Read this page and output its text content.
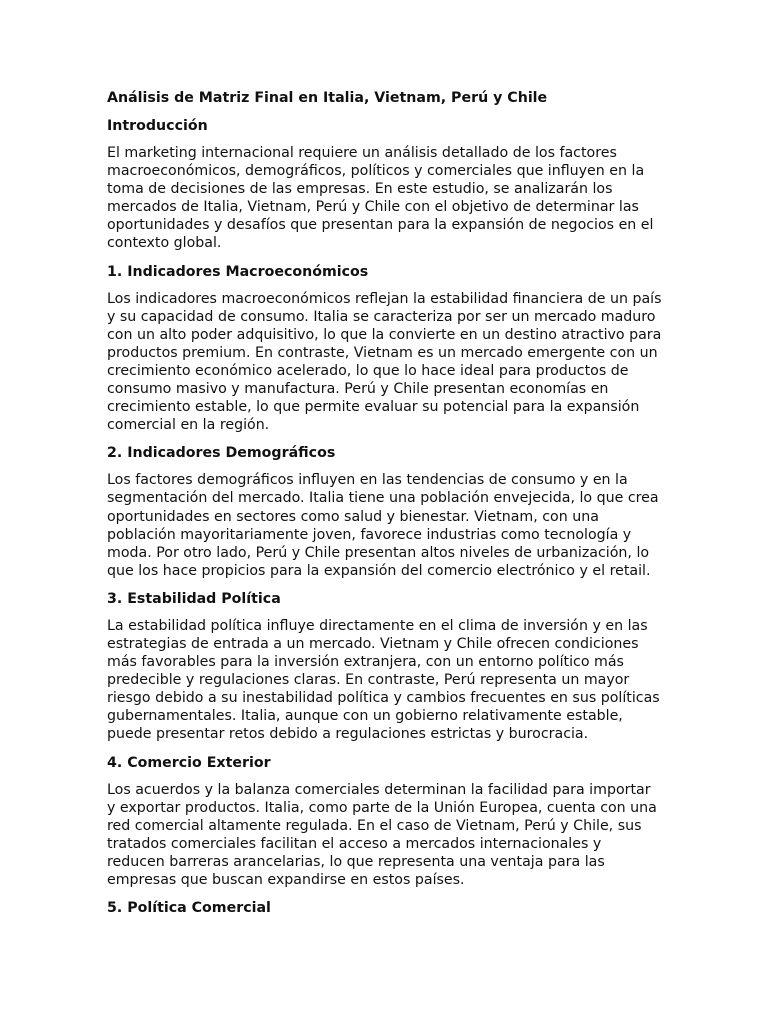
Análisis de Matriz Final en Italia, Vietnam, Perú y Chile
Introducción

El marketing internacional requiere un análisis detallado de los factores macroeconómicos, demográficos, políticos y comerciales que influyen en la toma de decisiones de las empresas. En este estudio, se analizarán los mercados de Italia, Vietnam, Perú y Chile con el objetivo de determinar las oportunidades y desafíos que presentan para la expansión de negocios en el contexto global.

1. Indicadores Macroeconómicos

Los indicadores macroeconómicos reflejan la estabilidad financiera de un país y su capacidad de consumo. Italia se caracteriza por ser un mercado maduro con un alto poder adquisitivo, lo que la convierte en un destino atractivo para productos premium. En contraste, Vietnam es un mercado emergente con un crecimiento económico acelerado, lo que lo hace ideal para productos de consumo masivo y manufactura. Perú y Chile presentan economías en crecimiento estable, lo que permite evaluar su potencial para la expansión comercial en la región.

2. Indicadores Demográficos

Los factores demográficos influyen en las tendencias de consumo y en la segmentación del mercado. Italia tiene una población envejecida, lo que crea oportunidades en sectores como salud y bienestar. Vietnam, con una población mayoritariamente joven, favorece industrias como tecnología y moda. Por otro lado, Perú y Chile presentan altos niveles de urbanización, lo que los hace propicios para la expansión del comercio electrónico y el retail.

3. Estabilidad Política

La estabilidad política influye directamente en el clima de inversión y en las estrategias de entrada a un mercado. Vietnam y Chile ofrecen condiciones más favorables para la inversión extranjera, con un entorno político más predecible y regulaciones claras. En contraste, Perú representa un mayor riesgo debido a su inestabilidad política y cambios frecuentes en sus políticas gubernamentales. Italia, aunque con un gobierno relativamente estable, puede presentar retos debido a regulaciones estrictas y burocracia.

4. Comercio Exterior

Los acuerdos y la balanza comerciales determinan la facilidad para importar y exportar productos. Italia, como parte de la Unión Europea, cuenta con una red comercial altamente regulada. En el caso de Vietnam, Perú y Chile, sus tratados comerciales facilitan el acceso a mercados internacionales y reducen barreras arancelarias, lo que representa una ventaja para las empresas que buscan expandirse en estos países.

5. Política Comercial
